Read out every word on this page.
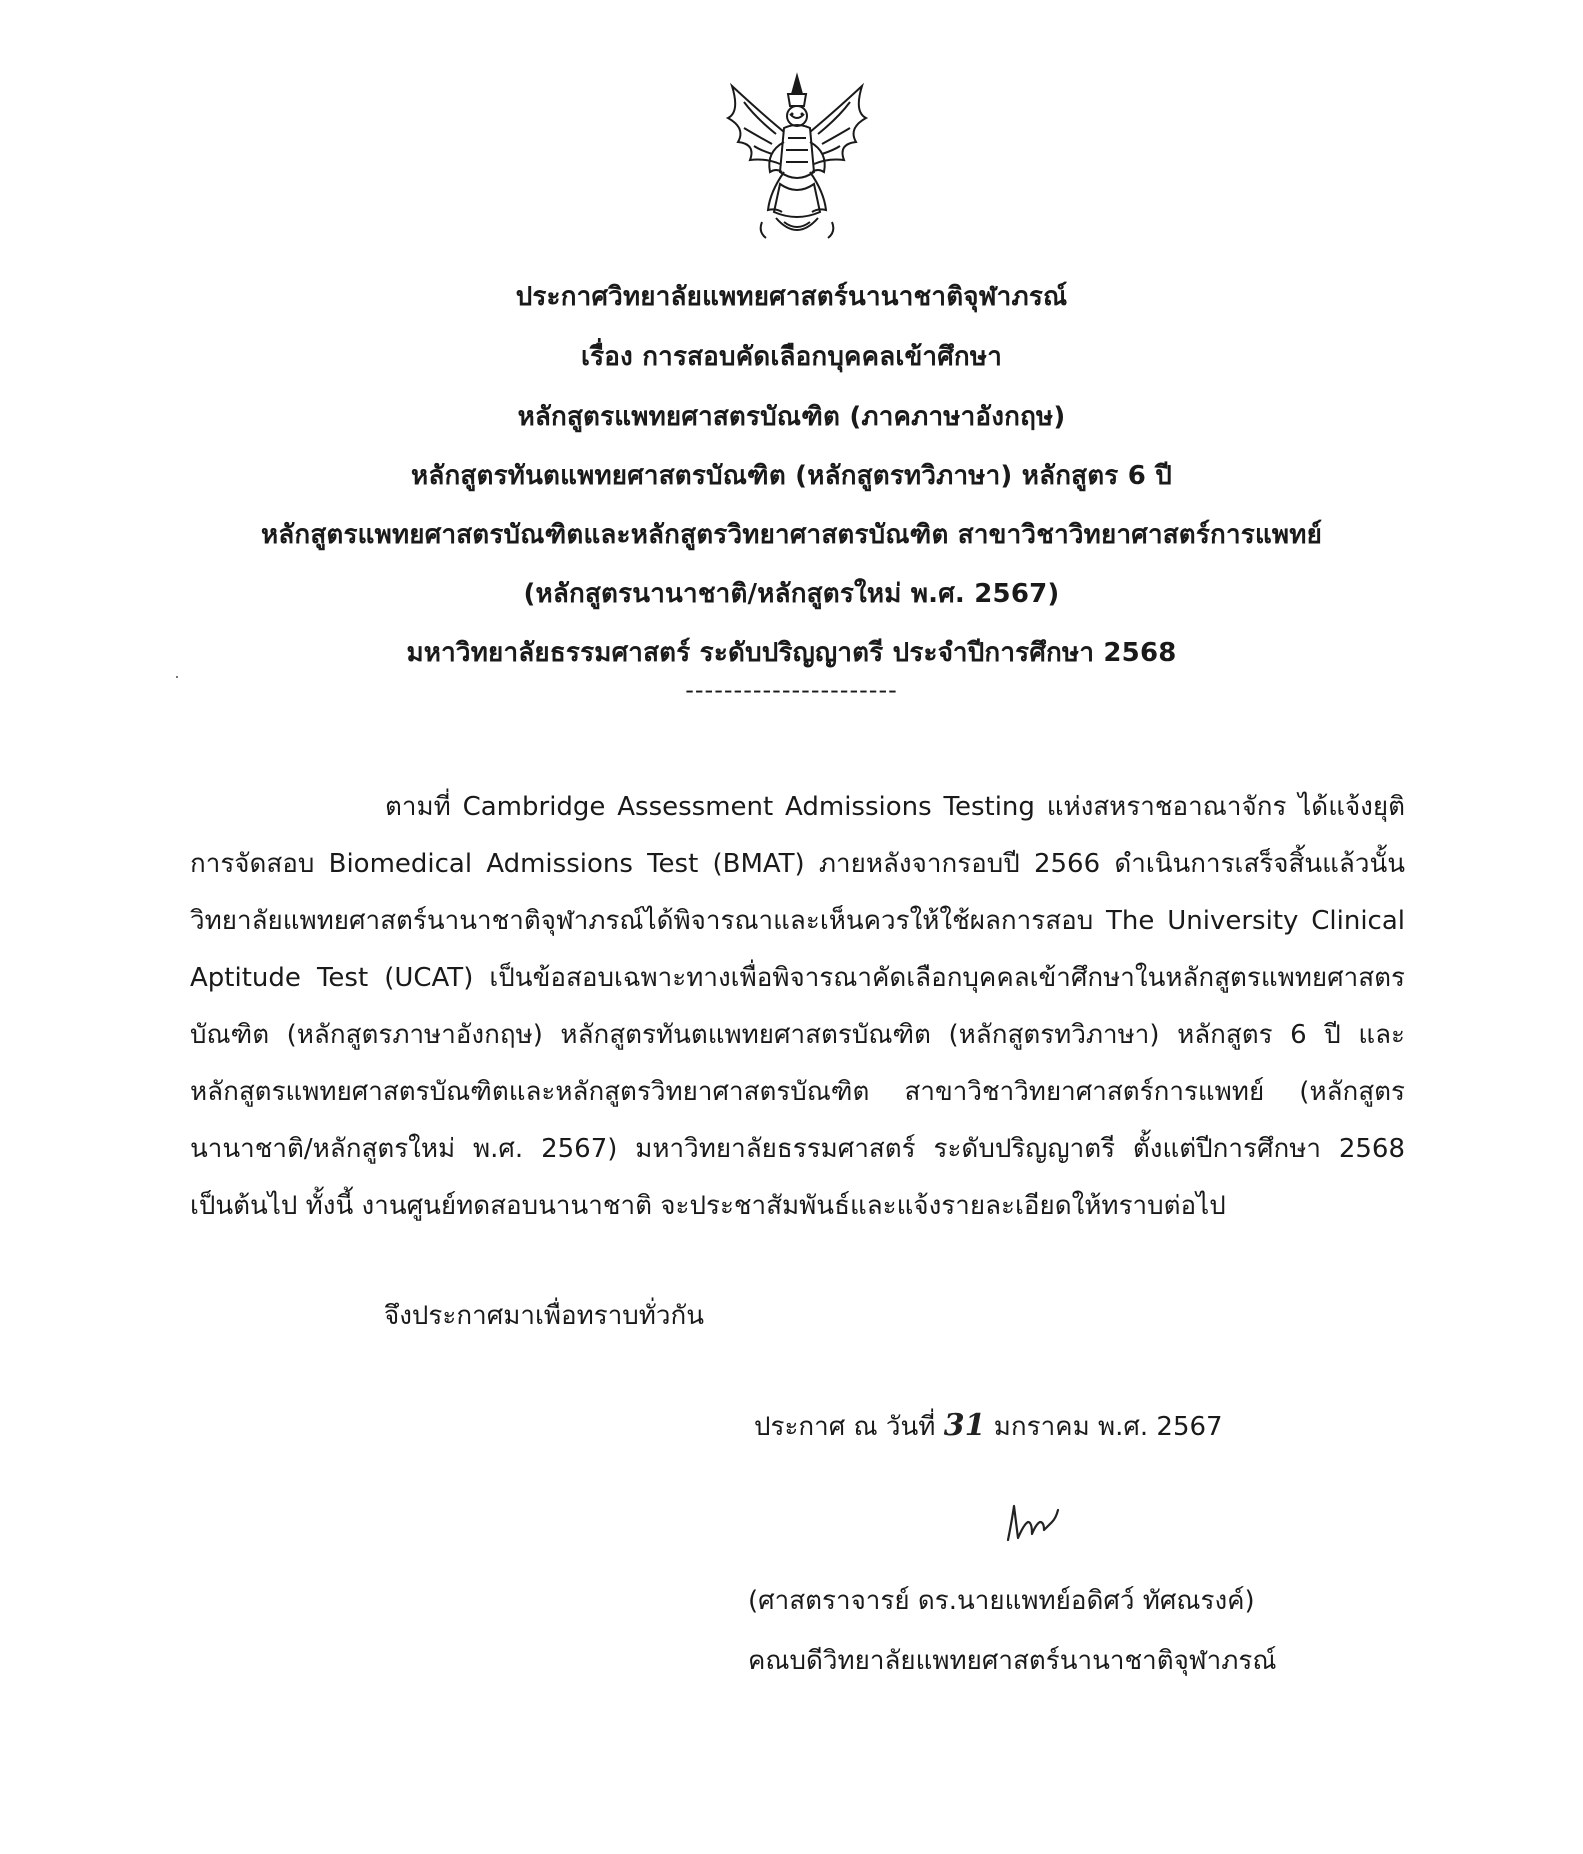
ประกาศวิทยาลัยแพทยศาสตร์นานาชาติจุฬาภรณ์
เรื่อง การสอบคัดเลือกบุคคลเข้าศึกษา
หลักสูตรแพทยศาสตรบัณฑิต (ภาคภาษาอังกฤษ)
หลักสูตรทันตแพทยศาสตรบัณฑิต (หลักสูตรทวิภาษา) หลักสูตร 6 ปี
หลักสูตรแพทยศาสตรบัณฑิตและหลักสูตรวิทยาศาสตรบัณฑิต สาขาวิชาวิทยาศาสตร์การแพทย์
(หลักสูตรนานาชาติ/หลักสูตรใหม่ พ.ศ. 2567)
มหาวิทยาลัยธรรมศาสตร์ ระดับปริญญาตรี ประจำปีการศึกษา 2568
----------------------

ตามที่ Cambridge Assessment Admissions Testing แห่งสหราชอาณาจักร ได้แจ้งยุติการจัดสอบ Biomedical Admissions Test (BMAT) ภายหลังจากรอบปี 2566 ดำเนินการเสร็จสิ้นแล้วนั้น วิทยาลัยแพทยศาสตร์นานาชาติจุฬาภรณ์ได้พิจารณาและเห็นควรให้ใช้ผลการสอบ The University Clinical Aptitude Test (UCAT) เป็นข้อสอบเฉพาะทางเพื่อพิจารณาคัดเลือกบุคคลเข้าศึกษาในหลักสูตรแพทยศาสตรบัณฑิต (หลักสูตรภาษาอังกฤษ) หลักสูตรทันตแพทยศาสตรบัณฑิต (หลักสูตรทวิภาษา) หลักสูตร 6 ปี และหลักสูตรแพทยศาสตรบัณฑิตและหลักสูตรวิทยาศาสตรบัณฑิต สาขาวิชาวิทยาศาสตร์การแพทย์ (หลักสูตรนานาชาติ/หลักสูตรใหม่ พ.ศ. 2567) มหาวิทยาลัยธรรมศาสตร์ ระดับปริญญาตรี ตั้งแต่ปีการศึกษา 2568 เป็นต้นไป ทั้งนี้ งานศูนย์ทดสอบนานาชาติ จะประชาสัมพันธ์และแจ้งรายละเอียดให้ทราบต่อไป

จึงประกาศมาเพื่อทราบทั่วกัน
ประกาศ ณ วันที่ 31 มกราคม พ.ศ. 2567
(ศาสตราจารย์ ดร.นายแพทย์อดิศว์ ทัศณรงค์)
คณบดีวิทยาลัยแพทยศาสตร์นานาชาติจุฬาภรณ์
